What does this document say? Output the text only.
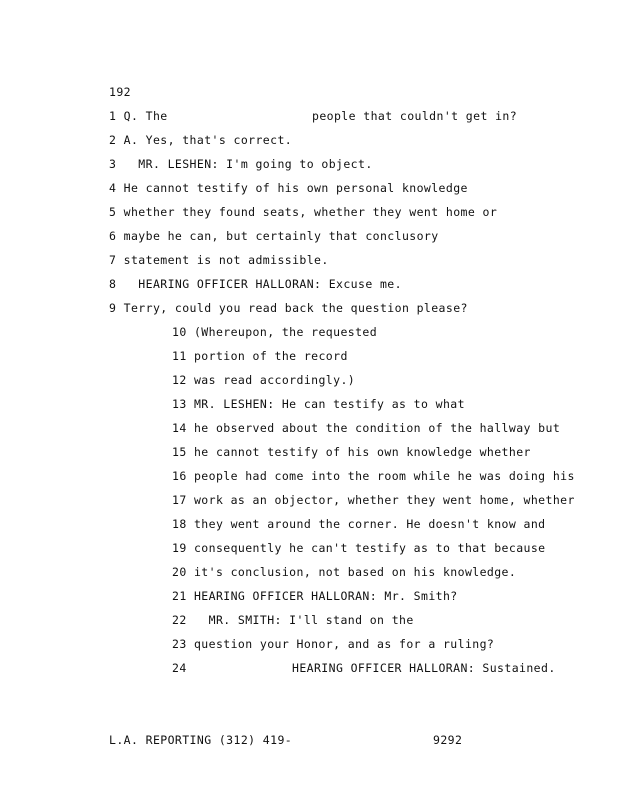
192
1 Q. The	people that couldn't get in?
2 A. Yes, that's correct.
3   MR. LESHEN: I'm going to object.
4 He cannot testify of his own personal knowledge
5 whether they found seats, whether they went home or
6 maybe he can, but certainly that conclusory
7 statement is not admissible.
8   HEARING OFFICER HALLORAN: Excuse me.
9 Terry, could you read back the question please?
10 (Whereupon, the requested
11 portion of the record
12 was read accordingly.)
13 MR. LESHEN: He can testify as to what
14 he observed about the condition of the hallway but
15 he cannot testify of his own knowledge whether
16 people had come into the room while he was doing his
17 work as an objector, whether they went home, whether
18 they went around the corner. He doesn't know and
19 consequently he can't testify as to that because
20 it's conclusion, not based on his knowledge.
21 HEARING OFFICER HALLORAN: Mr. Smith?
22   MR. SMITH: I'll stand on the
23 question your Honor, and as for a ruling?
24	HEARING OFFICER HALLORAN: Sustained.
L.A. REPORTING (312) 419-	9292
